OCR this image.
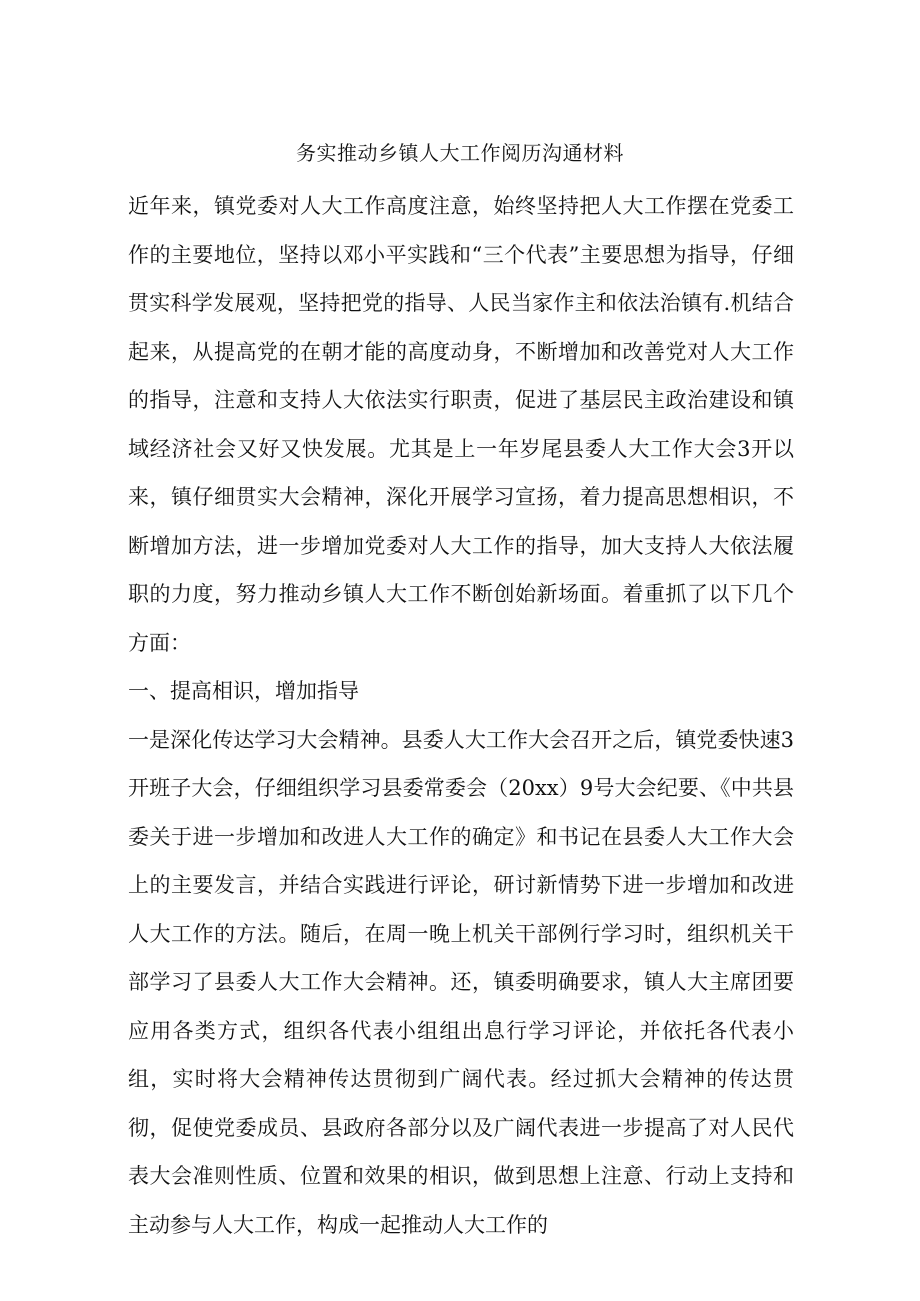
务实推动乡镇人大工作阅历沟通材料

近年来，镇党委对人大工作高度注意，始终坚持把人大工作摆在党委工作的主要地位，坚持以邓小平实践和“三个代表”主要思想为指导，仔细贯实科学发展观，坚持把党的指导、人民当家作主和依法治镇有.机结合起来，从提高党的在朝才能的高度动身，不断增加和改善党对人大工作的指导，注意和支持人大依法实行职责，促进了基层民主政治建设和镇域经济社会又好又快发展。尤其是上一年岁尾县委人大工作大会3开以来，镇仔细贯实大会精神，深化开展学习宣扬，着力提高思想相识，不断增加方法，进一步增加党委对人大工作的指导，加大支持人大依法履职的力度，努力推动乡镇人大工作不断创始新场面。着重抓了以下几个方面：

一、提高相识，增加指导

一是深化传达学习大会精神。县委人大工作大会召开之后，镇党委快速3开班子大会，仔细组织学习县委常委会（20xx）9号大会纪要、《中共县委关于进一步增加和改进人大工作的确定》和书记在县委人大工作大会上的主要发言，并结合实践进行评论，研讨新情势下进一步增加和改进人大工作的方法。随后，在周一晚上机关干部例行学习时，组织机关干部学习了县委人大工作大会精神。还，镇委明确要求，镇人大主席团要应用各类方式，组织各代表小组组出息行学习评论，并依托各代表小组，实时将大会精神传达贯彻到广阔代表。经过抓大会精神的传达贯彻，促使党委成员、县政府各部分以及广阔代表进一步提高了对人民代表大会准则性质、位置和效果的相识，做到思想上注意、行动上支持和主动参与人大工作，构成一起推动人大工作的
